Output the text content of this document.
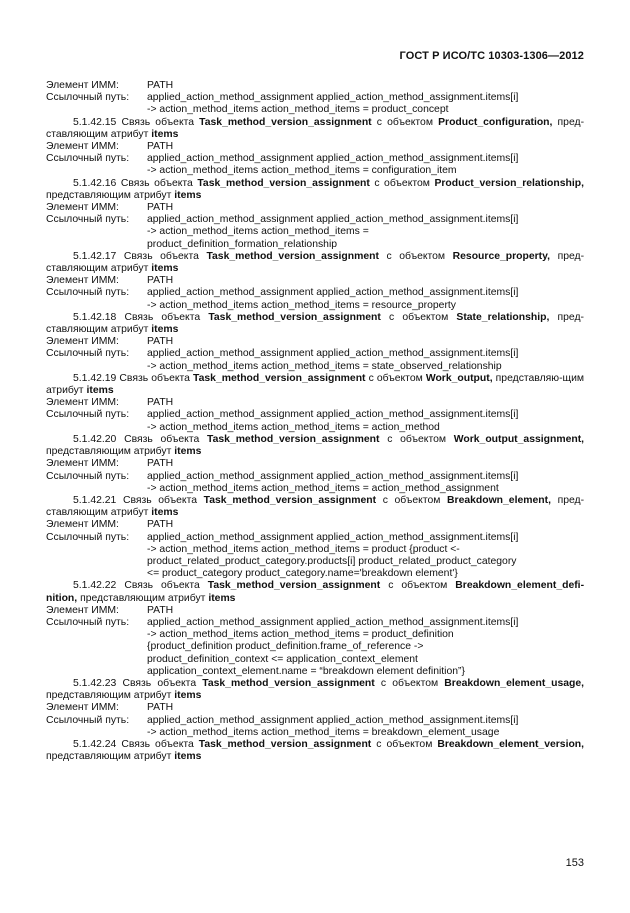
ГОСТ Р ИСО/ТС 10303-1306—2012
Элемент ИММ:	PATH
Ссылочный путь:	applied_action_method_assignment applied_action_method_assignment.items[i]
-> action_method_items action_method_items = product_concept
5.1.42.15 Связь объекта Task_method_version_assignment с объектом Product_configuration, пред-ставляющим атрибут items
Элемент ИММ:	PATH
Ссылочный путь:	applied_action_method_assignment applied_action_method_assignment.items[i]
-> action_method_items action_method_items = configuration_item
5.1.42.16 Связь объекта Task_method_version_assignment с объектом Product_version_relationship, представляющим атрибут items
Элемент ИММ:	PATH
Ссылочный путь:	applied_action_method_assignment applied_action_method_assignment.items[i]
-> action_method_items action_method_items =
product_definition_formation_relationship
5.1.42.17 Связь объекта Task_method_version_assignment с объектом Resource_property, пред-ставляющим атрибут items
Элемент ИММ:	PATH
Ссылочный путь:	applied_action_method_assignment applied_action_method_assignment.items[i]
-> action_method_items action_method_items = resource_property
5.1.42.18 Связь объекта Task_method_version_assignment с объектом State_relationship, пред-ставляющим атрибут items
Элемент ИММ:	PATH
Ссылочный путь:	applied_action_method_assignment applied_action_method_assignment.items[i]
-> action_method_items action_method_items = state_observed_relationship
5.1.42.19 Связь объекта Task_method_version_assignment с объектом Work_output, представляю-щим атрибут items
Элемент ИММ:	PATH
Ссылочный путь:	applied_action_method_assignment applied_action_method_assignment.items[i]
-> action_method_items action_method_items = action_method
5.1.42.20 Связь объекта Task_method_version_assignment с объектом Work_output_assignment, представляющим атрибут items
Элемент ИММ:	PATH
Ссылочный путь:	applied_action_method_assignment applied_action_method_assignment.items[i]
-> action_method_items action_method_items = action_method_assignment
5.1.42.21 Связь объекта Task_method_version_assignment с объектом Breakdown_element, пред-ставляющим атрибут items
Элемент ИММ:	PATH
Ссылочный путь:	applied_action_method_assignment applied_action_method_assignment.items[i]
-> action_method_items action_method_items = product {product <-
product_related_product_category.products[i] product_related_product_category
<= product_category product_category.name='breakdown element'}
5.1.42.22 Связь объекта Task_method_version_assignment с объектом Breakdown_element_defi-nition, представляющим атрибут items
Элемент ИММ:	PATH
Ссылочный путь:	applied_action_method_assignment applied_action_method_assignment.items[i]
-> action_method_items action_method_items = product_definition
{product_definition product_definition.frame_of_reference ->
product_definition_context <= application_context_element
application_context_element.name = “breakdown element definition”}
5.1.42.23 Связь объекта Task_method_version_assignment с объектом Breakdown_element_usage, представляющим атрибут items
Элемент ИММ:	PATH
Ссылочный путь:	applied_action_method_assignment applied_action_method_assignment.items[i]
-> action_method_items action_method_items = breakdown_element_usage
5.1.42.24 Связь объекта Task_method_version_assignment с объектом Breakdown_element_version, представляющим атрибут items
153
